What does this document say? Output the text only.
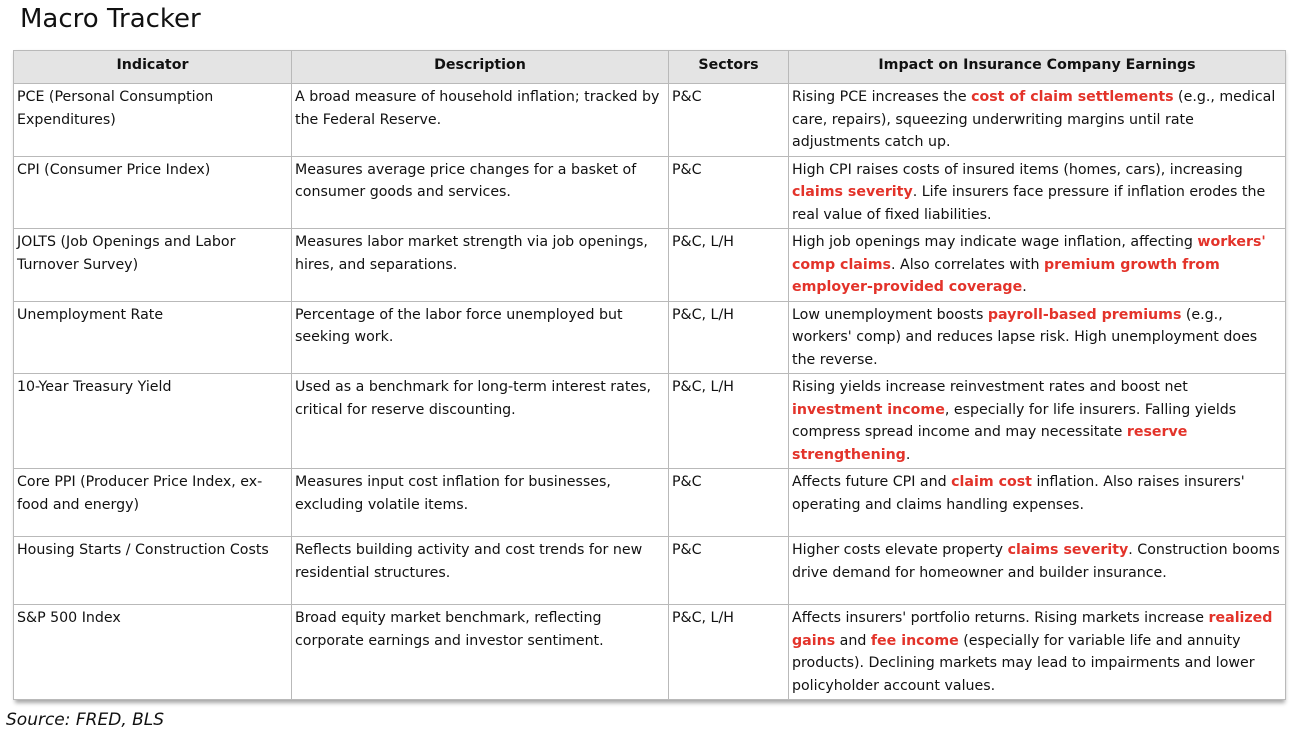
Macro Tracker
Indicator	Description	Sectors	Impact on Insurance Company Earnings
PCE (Personal Consumption Expenditures)	A broad measure of household inflation; tracked by the Federal Reserve.	P&C	Rising PCE increases the cost of claim settlements (e.g., medical care, repairs), squeezing underwriting margins until rate adjustments catch up.
CPI (Consumer Price Index)	Measures average price changes for a basket of consumer goods and services.	P&C	High CPI raises costs of insured items (homes, cars), increasing claims severity. Life insurers face pressure if inflation erodes the real value of fixed liabilities.
JOLTS (Job Openings and Labor Turnover Survey)	Measures labor market strength via job openings, hires, and separations.	P&C, L/H	High job openings may indicate wage inflation, affecting workers' comp claims. Also correlates with premium growth from employer-provided coverage.
Unemployment Rate	Percentage of the labor force unemployed but seeking work.	P&C, L/H	Low unemployment boosts payroll-based premiums (e.g., workers' comp) and reduces lapse risk. High unemployment does the reverse.
10-Year Treasury Yield	Used as a benchmark for long-term interest rates, critical for reserve discounting.	P&C, L/H	Rising yields increase reinvestment rates and boost net investment income, especially for life insurers. Falling yields compress spread income and may necessitate reserve strengthening.
Core PPI (Producer Price Index, ex-food and energy)	Measures input cost inflation for businesses, excluding volatile items.	P&C	Affects future CPI and claim cost inflation. Also raises insurers' operating and claims handling expenses.
Housing Starts / Construction Costs	Reflects building activity and cost trends for new residential structures.	P&C	Higher costs elevate property claims severity. Construction booms drive demand for homeowner and builder insurance.
S&P 500 Index	Broad equity market benchmark, reflecting corporate earnings and investor sentiment.	P&C, L/H	Affects insurers' portfolio returns. Rising markets increase realized gains and fee income (especially for variable life and annuity products). Declining markets may lead to impairments and lower policyholder account values.
Source: FRED, BLS
